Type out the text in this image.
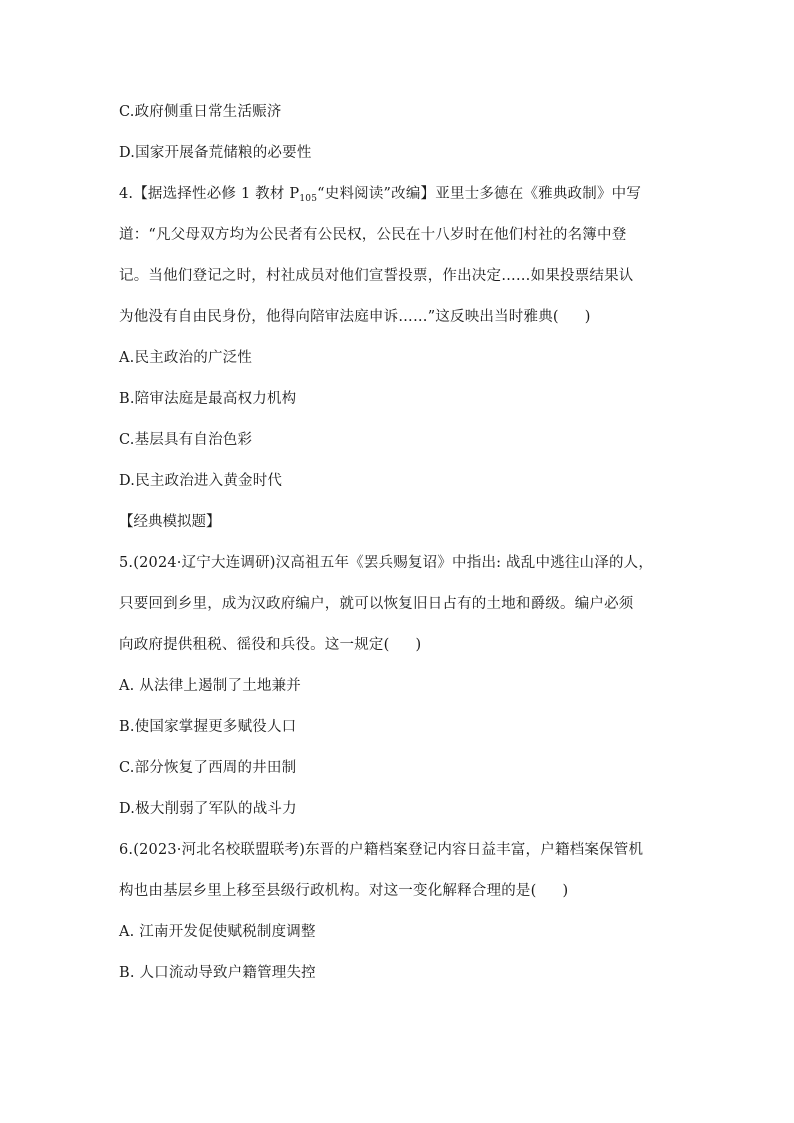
C.政府侧重日常生活赈济
D.国家开展备荒储粮的必要性
4.【据选择性必修 1 教材 $P_{105}“$史料阅读”改编】亚里士多德在《雅典政制》中写
道：“凡父母双方均为公民者有公民权，公民在十八岁时在他们村社的名簿中登
记。当他们登记之时，村社成员对他们宣誓投票，作出决定……如果投票结果认
为他没有自由民身份，他得向陪审法庭申诉……”这反映出当时雅典( )
A.民主政治的广泛性
B.陪审法庭是最高权力机构
C.基层具有自治色彩
D.民主政治进入黄金时代
【经典模拟题】
5.(2024·辽宁大连调研)汉高祖五年《罢兵赐复诏》中指出: 战乱中逃往山泽的人，
只要回到乡里，成为汉政府编户，就可以恢复旧日占有的土地和爵级。编户必须
向政府提供租税、徭役和兵役。这一规定( )
A. 从法律上遏制了土地兼并
B.使国家掌握更多赋役人口
C.部分恢复了西周的井田制
D.极大削弱了军队的战斗力
6.(2023·河北名校联盟联考)东晋的户籍档案登记内容日益丰富，户籍档案保管机
构也由基层乡里上移至县级行政机构。对这一变化解释合理的是( )
A. 江南开发促使赋税制度调整
B. 人口流动导致户籍管理失控
